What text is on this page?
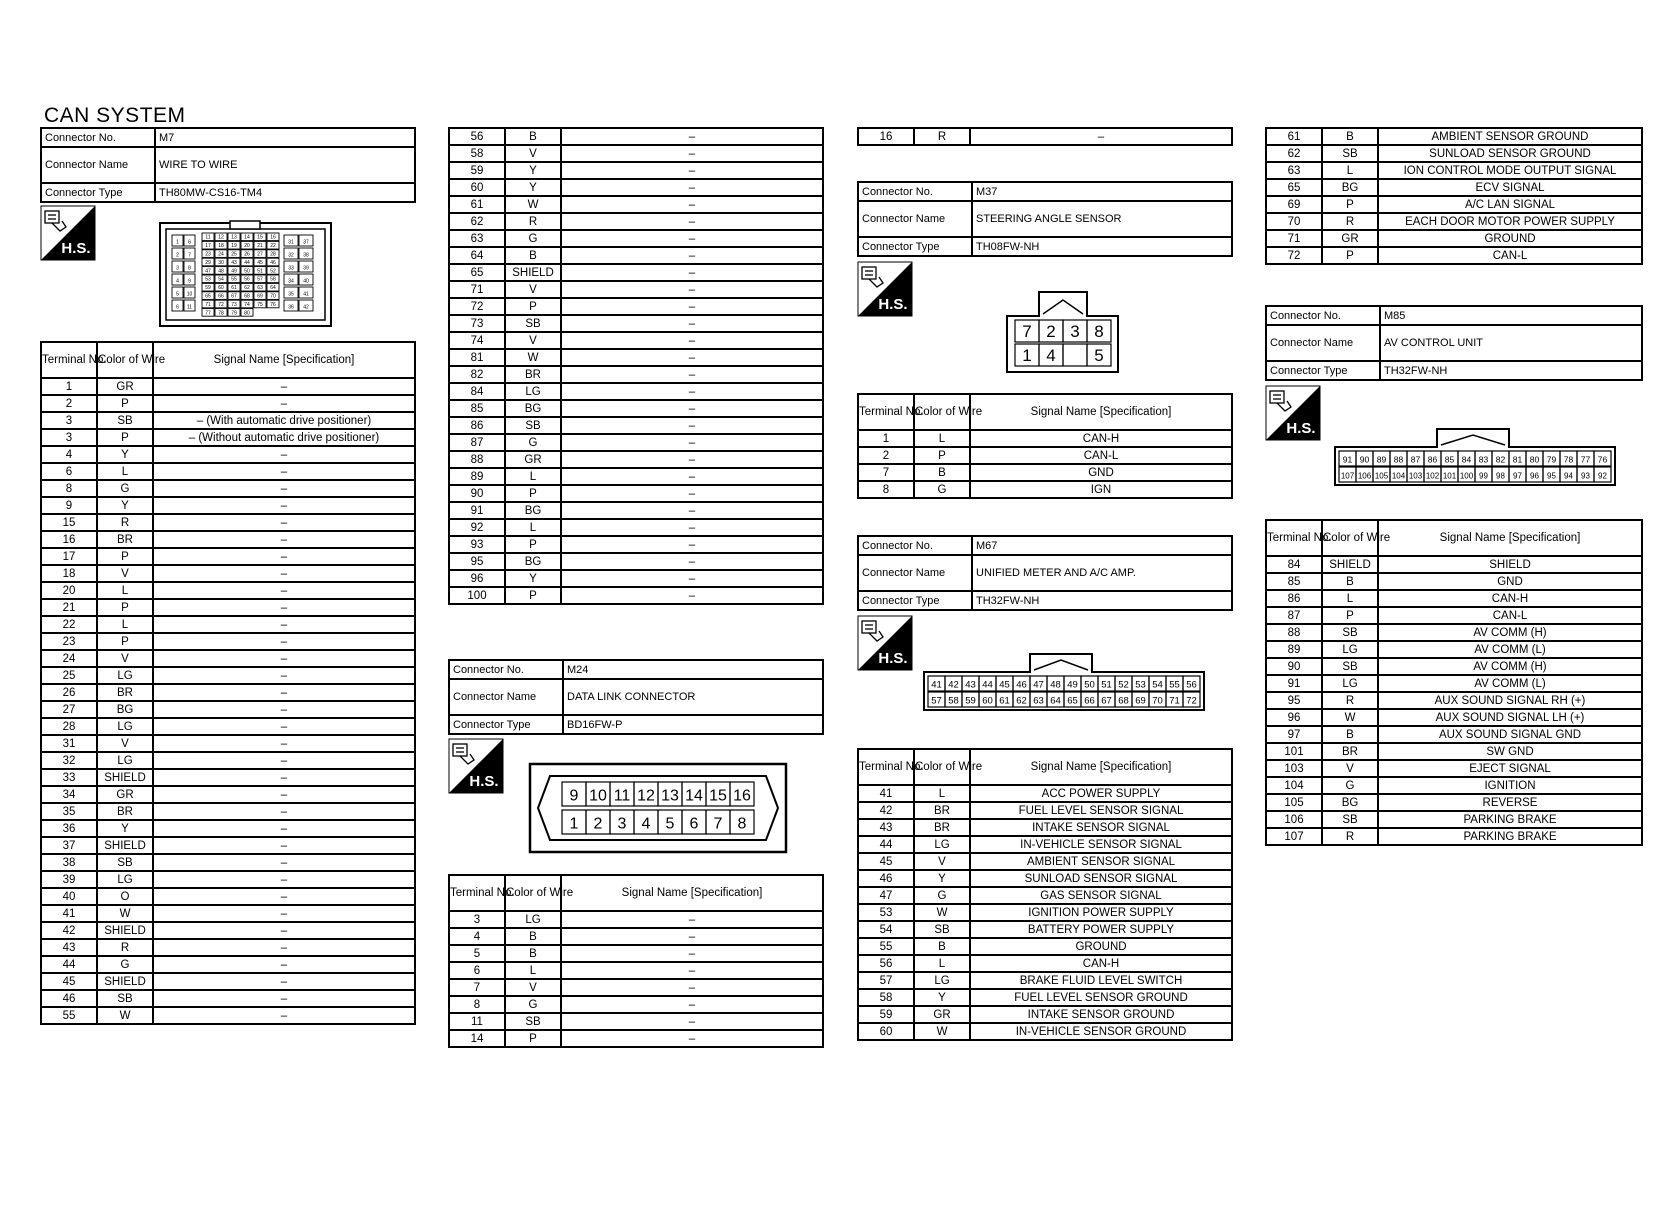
CAN SYSTEM
Connector No.	M7
Connector Name	WIRE TO WIRE
Connector Type	TH80MW-CS16-TM4
H.S.	1 6
2 7
3 8
4 9
5 10
6 11
31 37
32 38
33 39
34 40
35 41
36 42
11 12 13 14 15 16
17 18 19 20 21 22
23 24 25 26 27 28
29 30 43 44 45 46
47 48 49 50 51 52
53 54 55 56 57 58
59 60 61 62 63 64
65 66 67 68 69 70
71 72 73 74 75 76
77 78 79 80
Terminal No.	Color of Wire	Signal Name [Specification]
1	GR	–
2	P	–
3	SB	– (With automatic drive positioner)
3	P	– (Without automatic drive positioner)
4	Y	–
6	L	–
8	G	–
9	Y	–
15	R	–
16	BR	–
17	P	–
18	V	–
20	L	–
21	P	–
22	L	–
23	P	–
24	V	–
25	LG	–
26	BR	–
27	BG	–
28	LG	–
31	V	–
32	LG	–
33	SHIELD	–
34	GR	–
35	BR	–
36	Y	–
37	SHIELD	–
38	SB	–
39	LG	–
40	O	–
41	W	–
42	SHIELD	–
43	R	–
44	G	–
45	SHIELD	–
46	SB	–
55	W	–
56	B	–
58	V	–
59	Y	–
60	Y	–
61	W	–
62	R	–
63	G	–
64	B	–
65	SHIELD	–
71	V	–
72	P	–
73	SB	–
74	V	–
81	W	–
82	BR	–
84	LG	–
85	BG	–
86	SB	–
87	G	–
88	GR	–
89	L	–
90	P	–
91	BG	–
92	L	–
93	P	–
95	BG	–
96	Y	–
100	P	–
Connector No.	M24
Connector Name	DATA LINK CONNECTOR
Connector Type	BD16FW-P
H.S.
9 10 11 12 13 14 15 16
1 2 3 4 5 6 7 8
Terminal No.	Color of Wire	Signal Name [Specification]
3	LG	–
4	B	–
5	B	–
6	L	–
7	V	–
8	G	–
11	SB	–
14	P	–
16	R	–
Connector No.	M37
Connector Name	STEERING ANGLE SENSOR
Connector Type	TH08FW-NH
H.S.
7 2 3 8
1 4 5
Terminal No.	Color of Wire	Signal Name [Specification]
1	L	CAN-H
2	P	CAN-L
7	B	GND
8	G	IGN
Connector No.	M67
Connector Name	UNIFIED METER AND A/C AMP.
Connector Type	TH32FW-NH
H.S.
41 42 43 44 45 46 47 48 49 50 51 52 53 54 55 56
57 58 59 60 61 62 63 64 65 66 67 68 69 70 71 72
Terminal No.	Color of Wire	Signal Name [Specification]
41	L	ACC POWER SUPPLY
42	BR	FUEL LEVEL SENSOR SIGNAL
43	BR	INTAKE SENSOR SIGNAL
44	LG	IN-VEHICLE SENSOR SIGNAL
45	V	AMBIENT SENSOR SIGNAL
46	Y	SUNLOAD SENSOR SIGNAL
47	G	GAS SENSOR SIGNAL
53	W	IGNITION POWER SUPPLY
54	SB	BATTERY POWER SUPPLY
55	B	GROUND
56	L	CAN-H
57	LG	BRAKE FLUID LEVEL SWITCH
58	Y	FUEL LEVEL SENSOR GROUND
59	GR	INTAKE SENSOR GROUND
60	W	IN-VEHICLE SENSOR GROUND
61	B	AMBIENT SENSOR GROUND
62	SB	SUNLOAD SENSOR GROUND
63	L	ION CONTROL MODE OUTPUT SIGNAL
65	BG	ECV SIGNAL
69	P	A/C LAN SIGNAL
70	R	EACH DOOR MOTOR POWER SUPPLY
71	GR	GROUND
72	P	CAN-L
Connector No.	M85
Connector Name	AV CONTROL UNIT
Connector Type	TH32FW-NH
H.S.
91 90 89 88 87 86 85 84 83 82 81 80 79 78 77 76
107 106 105 104 103 102 101 100 99 98 97 96 95 94 93 92
Terminal No.	Color of Wire	Signal Name [Specification]
84	SHIELD	SHIELD
85	B	GND
86	L	CAN-H
87	P	CAN-L
88	SB	AV COMM (H)
89	LG	AV COMM (L)
90	SB	AV COMM (H)
91	LG	AV COMM (L)
95	R	AUX SOUND SIGNAL RH (+)
96	W	AUX SOUND SIGNAL LH (+)
97	B	AUX SOUND SIGNAL GND
101	BR	SW GND
103	V	EJECT SIGNAL
104	G	IGNITION
105	BG	REVERSE
106	SB	PARKING BRAKE
107	R	PARKING BRAKE
